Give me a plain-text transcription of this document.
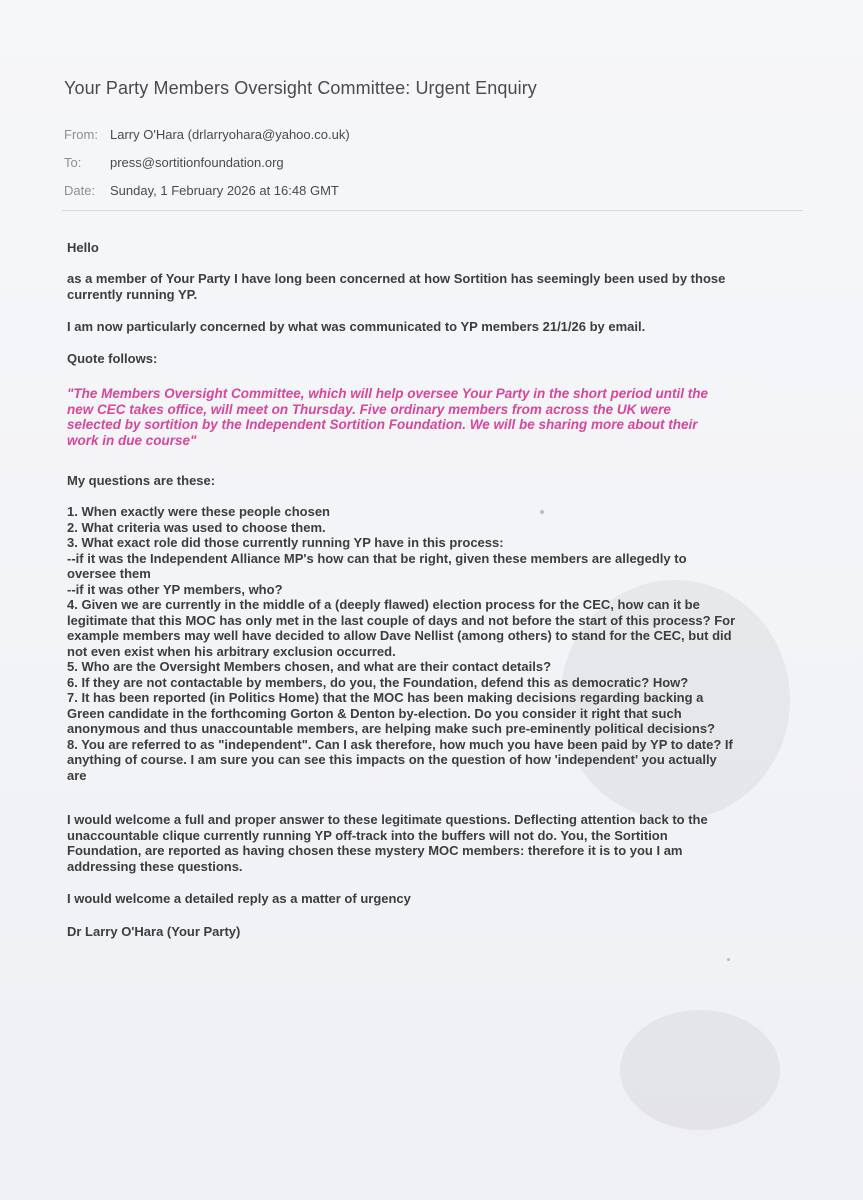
Your Party Members Oversight Committee: Urgent Enquiry
From: Larry O'Hara (drlarryohara@yahoo.co.uk)
To:	press@sortitionfoundation.org
Date:	Sunday, 1 February 2026 at 16:48 GMT
Hello
as a member of Your Party I have long been concerned at how Sortition has seemingly been used by those
currently running YP.
I am now particularly concerned by what was communicated to YP members 21/1/26 by email.
Quote follows:
"The Members Oversight Committee, which will help oversee Your Party in the short period until the
new CEC takes office, will meet on Thursday. Five ordinary members from across the UK were
selected by sortition by the Independent Sortition Foundation. We will be sharing more about their
work in due course"
My questions are these:
1. When exactly were these people chosen
2. What criteria was used to choose them.
3. What exact role did those currently running YP have in this process:
--if it was the Independent Alliance MP's how can that be right, given these members are allegedly to
oversee them
--if it was other YP members, who?
4. Given we are currently in the middle of a (deeply flawed) election process for the CEC, how can it be
legitimate that this MOC has only met in the last couple of days and not before the start of this process? For
example members may well have decided to allow Dave Nellist (among others) to stand for the CEC, but did
not even exist when his arbitrary exclusion occurred.
5. Who are the Oversight Members chosen, and what are their contact details?
6. If they are not contactable by members, do you, the Foundation, defend this as democratic? How?
7. It has been reported (in Politics Home) that the MOC has been making decisions regarding backing a
Green candidate in the forthcoming Gorton & Denton by-election. Do you consider it right that such
anonymous and thus unaccountable members, are helping make such pre-eminently political decisions?
8. You are referred to as "independent". Can I ask therefore, how much you have been paid by YP to date? If
anything of course. I am sure you can see this impacts on the question of how 'independent' you actually
are
I would welcome a full and proper answer to these legitimate questions. Deflecting attention back to the
unaccountable clique currently running YP off-track into the buffers will not do. You, the Sortition
Foundation, are reported as having chosen these mystery MOC members: therefore it is to you I am
addressing these questions.
I would welcome a detailed reply as a matter of urgency
Dr Larry O'Hara (Your Party)
